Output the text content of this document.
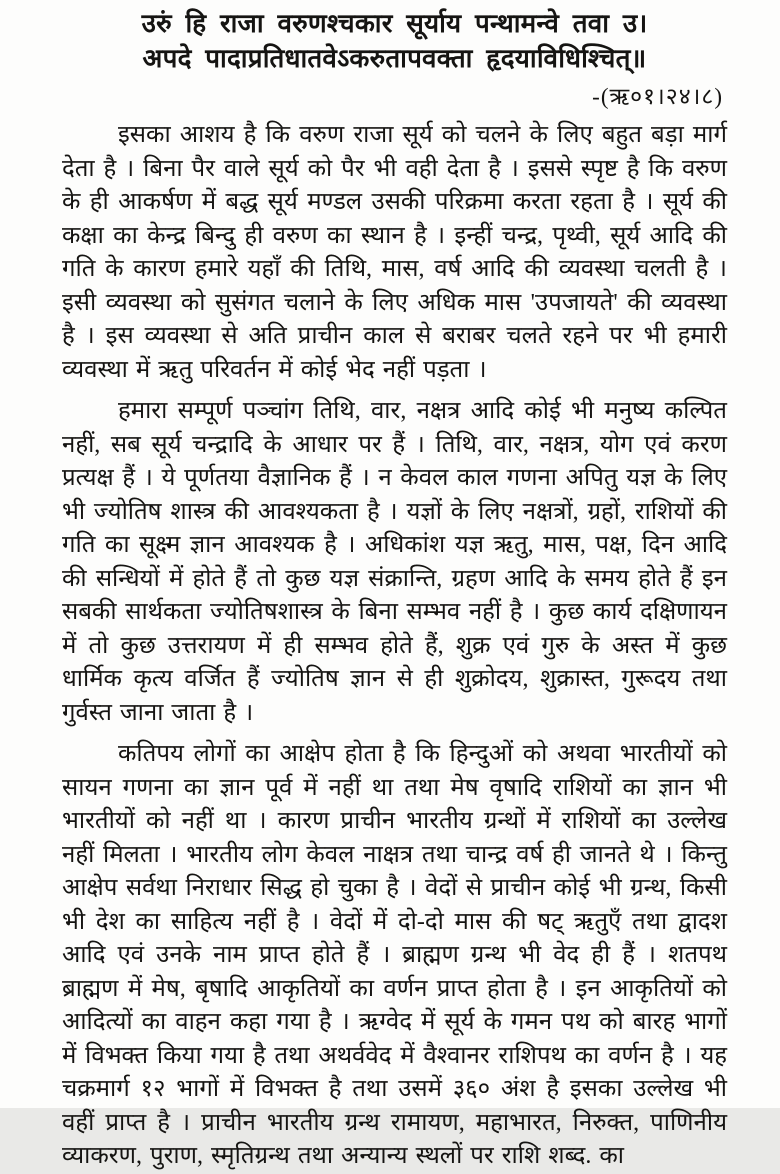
उरुं हि राजा वरुणश्चकार सूर्याय पन्थामन्वे तवा उ।
अपदे पादाप्रतिधातवेऽकरुतापवक्ता हृदयाविधिश्चित्॥
-(ऋ०१।२४।८)

इसका आशय है कि वरुण राजा सूर्य को चलने के लिए बहुत बड़ा मार्ग देता है । बिना पैर वाले सूर्य को पैर भी वही देता है । इससे स्पृष्ट है कि वरुण के ही आकर्षण में बद्ध सूर्य मण्डल उसकी परिक्रमा करता रहता है । सूर्य की कक्षा का केन्द्र बिन्दु ही वरुण का स्थान है । इन्हीं चन्द्र, पृथ्वी, सूर्य आदि की गति के कारण हमारे यहाँ की तिथि, मास, वर्ष आदि की व्यवस्था चलती है । इसी व्यवस्था को सुसंगत चलाने के लिए अधिक मास 'उपजायते' की व्यवस्था है । इस व्यवस्था से अति प्राचीन काल से बराबर चलते रहने पर भी हमारी व्यवस्था में ऋतु परिवर्तन में कोई भेद नहीं पड़ता ।

हमारा सम्पूर्ण पञ्चांग तिथि, वार, नक्षत्र आदि कोई भी मनुष्य कल्पित नहीं, सब सूर्य चन्द्रादि के आधार पर हैं । तिथि, वार, नक्षत्र, योग एवं करण प्रत्यक्ष हैं । ये पूर्णतया वैज्ञानिक हैं । न केवल काल गणना अपितु यज्ञ के लिए भी ज्योतिष शास्त्र की आवश्यकता है । यज्ञों के लिए नक्षत्रों, ग्रहों, राशियों की गति का सूक्ष्म ज्ञान आवश्यक है । अधिकांश यज्ञ ऋतु, मास, पक्ष, दिन आदि की सन्धियों में होते हैं तो कुछ यज्ञ संक्रान्ति, ग्रहण आदि के समय होते हैं इन सबकी सार्थकता ज्योतिषशास्त्र के बिना सम्भव नहीं है । कुछ कार्य दक्षिणायन में तो कुछ उत्तरायण में ही सम्भव होते हैं, शुक्र एवं गुरु के अस्त में कुछ धार्मिक कृत्य वर्जित हैं ज्योतिष ज्ञान से ही शुक्रोदय, शुक्रास्त, गुरूदय तथा गुर्वस्त जाना जाता है ।

कतिपय लोगों का आक्षेप होता है कि हिन्दुओं को अथवा भारतीयों को सायन गणना का ज्ञान पूर्व में नहीं था तथा मेष वृषादि राशियों का ज्ञान भी भारतीयों को नहीं था । कारण प्राचीन भारतीय ग्रन्थों में राशियों का उल्लेख नहीं मिलता । भारतीय लोग केवल नाक्षत्र तथा चान्द्र वर्ष ही जानते थे । किन्तु आक्षेप सर्वथा निराधार सिद्ध हो चुका है । वेदों से प्राचीन कोई भी ग्रन्थ, किसी भी देश का साहित्य नहीं है । वेदों में दो-दो मास की षट् ऋतुएँ तथा द्वादश आदि एवं उनके नाम प्राप्त होते हैं । ब्राह्मण ग्रन्थ भी वेद ही हैं । शतपथ ब्राह्मण में मेष, बृषादि आकृतियों का वर्णन प्राप्त होता है । इन आकृतियों को आदित्यों का वाहन कहा गया है । ऋग्वेद में सूर्य के गमन पथ को बारह भागों में विभक्त किया गया है तथा अथर्ववेद में वैश्वानर राशिपथ का वर्णन है । यह चक्रमार्ग १२ भागों में विभक्त है तथा उसमें ३६० अंश है इसका उल्लेख भी वहीं प्राप्त है । प्राचीन भारतीय ग्रन्थ रामायण, महाभारत, निरुक्त, पाणिनीय व्याकरण, पुराण, स्मृतिग्रन्थ तथा अन्यान्य स्थलों पर राशि शब्द. का
